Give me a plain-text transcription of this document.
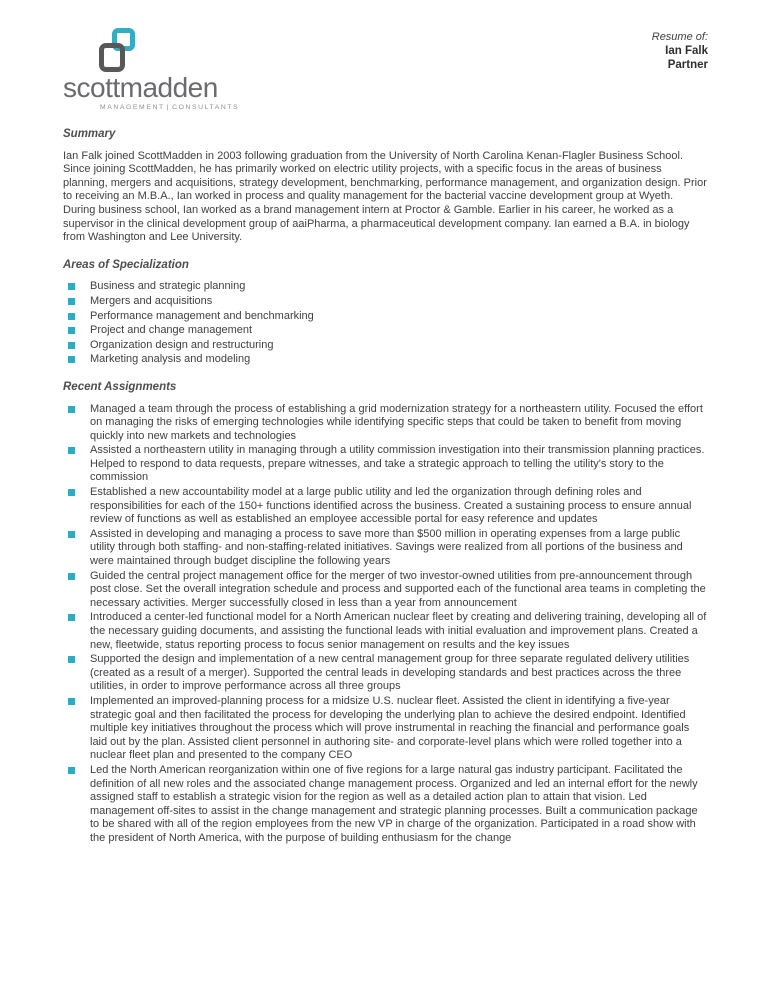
scottmadden
MANAGEMENT | CONSULTANTS
Resume of:
Ian Falk
Partner
Summary

Ian Falk joined ScottMadden in 2003 following graduation from the University of North Carolina Kenan-Flagler Business School. Since joining ScottMadden, he has primarily worked on electric utility projects, with a specific focus in the areas of business planning, mergers and acquisitions, strategy development, benchmarking, performance management, and organization design. Prior to receiving an M.B.A., Ian worked in process and quality management for the bacterial vaccine development group at Wyeth. During business school, Ian worked as a brand management intern at Proctor & Gamble. Earlier in his career, he worked as a supervisor in the clinical development group of aaiPharma, a pharmaceutical development company. Ian earned a B.A. in biology from Washington and Lee University.

Areas of Specialization
Business and strategic planning
Mergers and acquisitions
Performance management and benchmarking
Project and change management
Organization design and restructuring
Marketing analysis and modeling
Recent Assignments
Managed a team through the process of establishing a grid modernization strategy for a northeastern utility. Focused the effort on managing the risks of emerging technologies while identifying specific steps that could be taken to benefit from moving quickly into new markets and technologies
Assisted a northeastern utility in managing through a utility commission investigation into their transmission planning practices. Helped to respond to data requests, prepare witnesses, and take a strategic approach to telling the utility's story to the commission
Established a new accountability model at a large public utility and led the organization through defining roles and responsibilities for each of the 150+ functions identified across the business. Created a sustaining process to ensure annual review of functions as well as established an employee accessible portal for easy reference and updates
Assisted in developing and managing a process to save more than $500 million in operating expenses from a large public utility through both staffing- and non-staffing-related initiatives. Savings were realized from all portions of the business and were maintained through budget discipline the following years
Guided the central project management office for the merger of two investor-owned utilities from pre-announcement through post close. Set the overall integration schedule and process and supported each of the functional area teams in completing the necessary activities. Merger successfully closed in less than a year from announcement
Introduced a center-led functional model for a North American nuclear fleet by creating and delivering training, developing all of the necessary guiding documents, and assisting the functional leads with initial evaluation and improvement plans. Created a new, fleetwide, status reporting process to focus senior management on results and the key issues
Supported the design and implementation of a new central management group for three separate regulated delivery utilities (created as a result of a merger). Supported the central leads in developing standards and best practices across the three utilities, in order to improve performance across all three groups
Implemented an improved-planning process for a midsize U.S. nuclear fleet. Assisted the client in identifying a five-year strategic goal and then facilitated the process for developing the underlying plan to achieve the desired endpoint. Identified multiple key initiatives throughout the process which will prove instrumental in reaching the financial and performance goals laid out by the plan. Assisted client personnel in authoring site- and corporate-level plans which were rolled together into a nuclear fleet plan and presented to the company CEO
Led the North American reorganization within one of five regions for a large natural gas industry participant. Facilitated the definition of all new roles and the associated change management process. Organized and led an internal effort for the newly assigned staff to establish a strategic vision for the region as well as a detailed action plan to attain that vision. Led management off-sites to assist in the change management and strategic planning processes. Built a communication package to be shared with all of the region employees from the new VP in charge of the organization. Participated in a road show with the president of North America, with the purpose of building enthusiasm for the change
